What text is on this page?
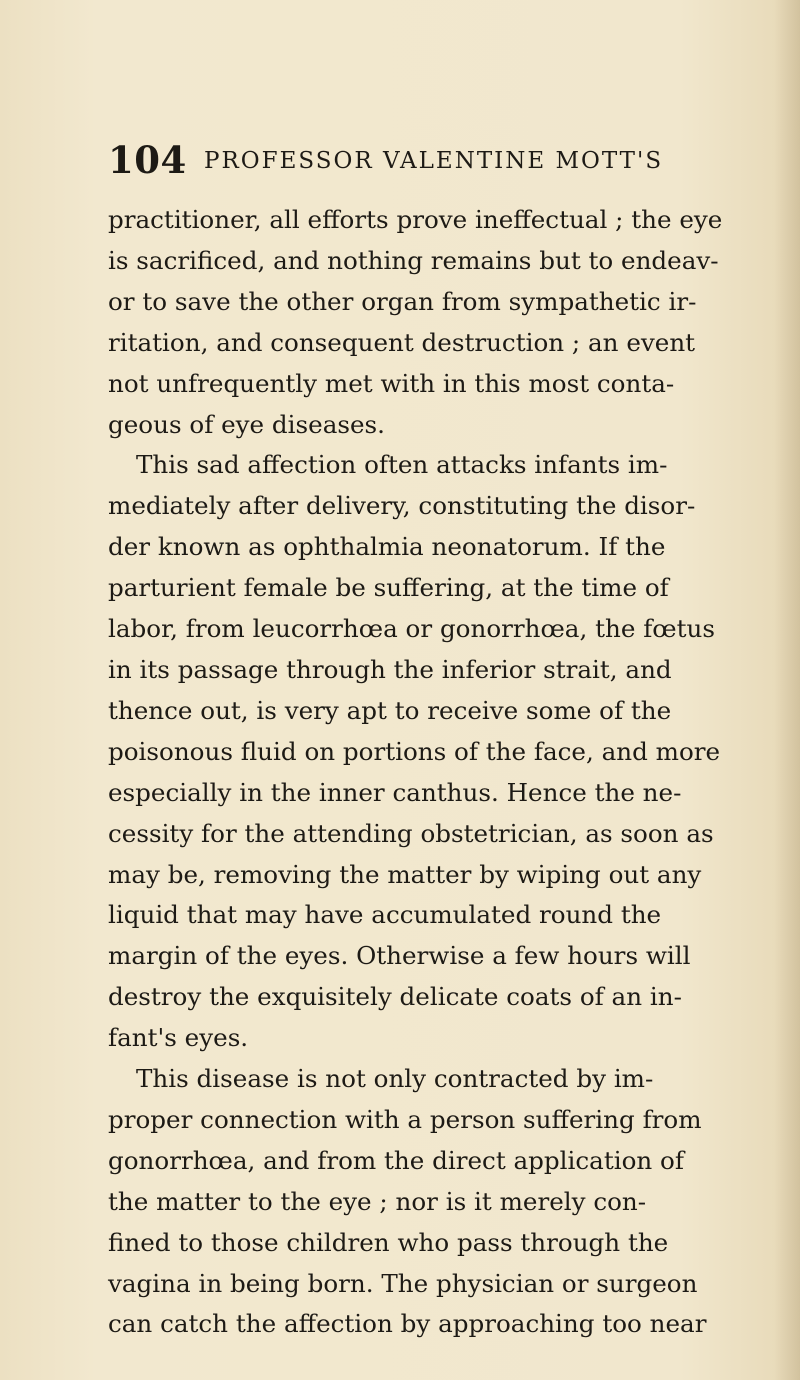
104 PROFESSOR VALENTINE MOTT'S
practitioner, all efforts prove ineffectual ; the eye
is sacrificed, and nothing remains but to endeav-
or to save the other organ from sympathetic ir-
ritation, and consequent destruction ; an event
not unfrequently met with in this most conta-
geous of eye diseases.
This sad affection often attacks infants im-
mediately after delivery, constituting the disor-
der known as ophthalmia neonatorum. If the
parturient female be suffering, at the time of
labor, from leucorrhœa or gonorrhœa, the fœtus
in its passage through the inferior strait, and
thence out, is very apt to receive some of the
poisonous fluid on portions of the face, and more
especially in the inner canthus. Hence the ne-
cessity for the attending obstetrician, as soon as
may be, removing the matter by wiping out any
liquid that may have accumulated round the
margin of the eyes. Otherwise a few hours will
destroy the exquisitely delicate coats of an in-
fant's eyes.
This disease is not only contracted by im-
proper connection with a person suffering from
gonorrhœa, and from the direct application of
the matter to the eye ; nor is it merely con-
fined to those children who pass through the
vagina in being born. The physician or surgeon
can catch the affection by approaching too near
